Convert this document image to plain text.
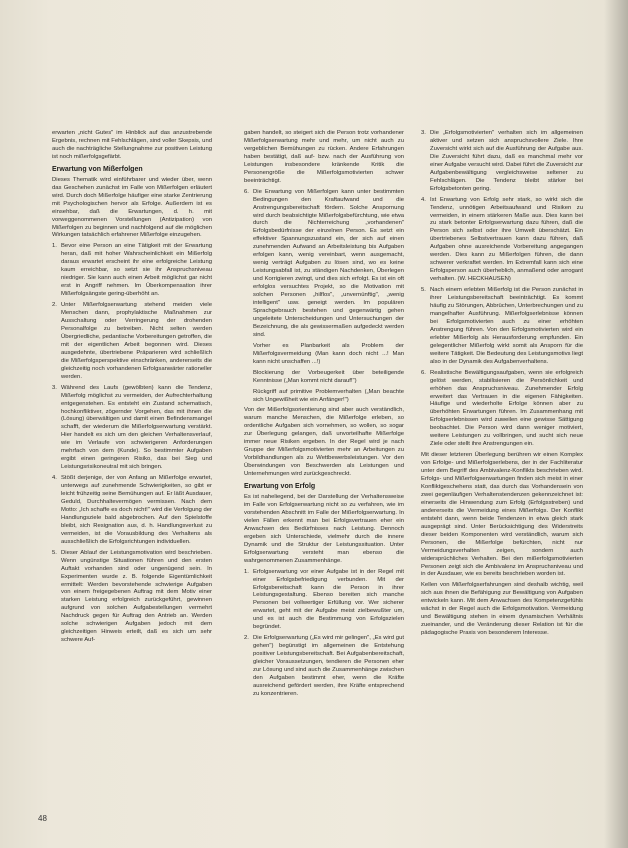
erwarten „nicht Gutes" im Hinblick auf das anzustrebende Ergebnis, rechnen mit Fehlschlägen, sind voller Skepsis, und auch die nachträgliche Stellungnahme zur positiven Leistung ist noch mißerfolgsgefärbt.

Erwartung von Mißerfolgen

Dieses Thematik wird einführbarer und wieder über, wenn das Geschehen zunächst im Falle von Mißerfolgen erläutert wird. Durch doch Mißerfolge häufiger eine starke Zentrierung mit Psychologischen hervor als Erfolge. Außerdem ist es einsehbar, daß die Erwartungen, d. h. mit vorweggenommenen Vorstellungen (Antizipation) von Mißerfolgen zu beginnen und nachfolgend auf die möglichen Wirkungen tatsächlich erfahrener Mißerfolge einzugehen.

1. Bevor eine Person an eine Tätigkeit mit der Erwartung heran, daß mit hoher Wahrscheinlichkeit ein Mißerfolg daraus erwartet erscheint ihr eine erfolgreiche Leistung kaum erreichbar, so setzt sie ihr Anspruchsniveau niedriger. Sie kann auch einen Arbeit möglichst gar nicht erst in Angriff nehmen. Im Überkompensation ihrer Mißerfolgsängste gering-überhöht an.
2. Unter Mißerfolgserwartung stehend meiden viele Menschen dann, prophylaktische Maßnahmen zur Ausschaltung oder Verringerung der drohenden Personalfolge zu betreiben. Nicht selten werden Übergriedliche, pedantische Vorbereitungen getroffen, die mit der eigentlichen Arbeit begonnen wird. Dieses ausgedehnte, übertriebene Präparieren wird schließlich die Mißerfolgsperspektive einschränken, andererseits die gleichzeitig noch vorhandenen Erfolgsanwärter rationeller werden.
3. Während des Laufs (gewölbten) kann die Tendenz, Mißerfolg möglichst zu vermeiden, der Aufrechterhaltung entgegenstehen. Es entsteht ein Zustand schematisch, hochkonfliktiver, zögernder Vorgehen, das mit ihnen die (Lösung) überwältigen und damit einen Befindensmangel schafft, der wiederum die Mißerfolgserwartung verstärkt. Hier handelt es sich um den gleichen Verhaltensverlauf, wie im Verlaufe von schwierigeren Anforderungen mehrfach von dem (Kunde). So bestimmter Aufgaben ergibt einen geringeren Risiko, das bei Sieg und Leistungsrisikoneutral mit sich bringen.
4. Stößt derjenige, der von Anfang an Mißerfolge erwartet, unterwegs auf zunehmende Schwierigkeiten, so gibt er leicht frühzeitig seine Bemühungen auf. Er läßt Ausdauer, Geduld, Durchhaltevermögen vermissen. Nach dem Motto: „Ich schaffe es doch nicht!" wird die Verfolgung der Handlungsziele bald abgebrochen. Auf den Spielstoffe bleibt, sich Resignation aus, d. h. Handlungsverlust zu vermeiden, ist die Vorausbildung des Verhaltens als ausschließlich die Erfolgsrichtungen individuellen.
5. Dieser Ablauf der Leistungsmotivation wird beschrieben. Wenn ungünstige Situationen führen und den ersten Auftakt vorhanden sind oder ungenügend sein. In Experimenten wurde z. B. folgende Eigentümlichkeit ermittelt: Werden bevorstehende schwierige Aufgaben von einem freigegebenen Auftrag mit dem Motiv einer starken Leistung erfolgreich zurückgeführt, gewinnen aufgrund von solchen Aufgabestellungen vermehrt Nachdruck gegen für Auftrag den Antrieb an. Werden solche schwierigen Aufgaben jedoch mit dem gleichzeitigen Hinweis erteilt, daß es sich um sehr schwere Auf-

gaben handelt, so steigert sich die Person trotz vorhandener Mißerfolgserwartung mehr und mehr, um nicht auch zu vergeblichen Bemühungen zu rücken. Andere Erfahrungen haben bestätigt, daß auf- bzw. nach der Ausführung von Leistungen insbesondere kränkende Kritik die Personengröße die Mißerfolgsmotivierten schwer beeinträchtigt.

6. Die Erwartung von Mißerfolgen kann unter bestimmten Bedingungen den Kraftaufwand und die Anstrengungsbereitschaft fördern. Solche Anspornung wird durch beabsichtigte Mißerfolgsbefürchtung, wie etwa durch die Nichterreichung „vorhandenen" Erfolgsbedürfnisse der einzelnen Person. Es setzt ein effektiver Spannungszustand ein, der sich auf einen zunehmenden Aufwand an Arbeitsleistung bis Aufgaben erfolgen kann, wenig vereinbart, wenn ausgemacht, wenig verträgt Aufgaben zu lösen sind, wo es keine Leistungsabfall ist, zu ständigen Nachdenken, Überlegen und Korrigieren zwingt, und dies sich erfolgt. Es ist ein oft erfolglos versuchtes Projekt, so die Motivation mit solchen Personen „hilflos", „unvernünftig", „wenig intelligent" usw. geneigt werden. Im populären Sprachgebrauch bestehen und gegenwärtig gehen ungeleitete Unterscheidungen und Untersuchungen der Bezeichnung, die als gewissermaßen aufgedeckt werden sind.

Vorher es Planbarkeit als Problem der Mißerfolgsvermeidung (Man kann doch nicht ...! Man kann nicht unschaffen ...!)

Blockierung der Vorbeugerkeit über beteiligende Kenntnisse („Man kommt nicht darauf!")

Rückgriff auf primitive Problemverhalten („Man beachte sich Ungewißheit wie ein Anfänger!")

Von der Mißerfolgsorientierung sind aber auch verständlich, warum manche Menschen, die Mißerfolge erleben, so ordentliche Aufgaben sich vornehmen, so wollen, so sogar zur Überlegung gelangen, daß unvorteilhafte Mißerfolge immer neue Risiken ergeben. In der Regel wird je nach Gruppe der Mißerfolgsmotivierten mehr an Arbeitungen zu Vorbildhandlungen als zu Wettbewerbsleistungen. Vor den Überwindungen von Beschwerden als Leistungen und Unternehmungen wird zurückgeschreckt.

Erwartung von Erfolg

Es ist naheliegend, bei der Darstellung der Verhaltensweise im Falle von Erfolgserwartung nicht so zu verfahren, wie im vorstehenden Abschnitt im Falle der Mißerfolgserwartung. In vielen Fällen erkennt man bei Erfolgsvertrauen eher ein Anwachsen des Bedürfnisses nach Leistung. Dennoch ergeben sich Unterschiede, vielmehr durch die innere Dynamik und die Struktur der Leistungssituation. Unter Erfolgserwartung versteht man ebenso die wahrgenommenen Zusammenhänge.

1. Erfolgserwartung vor einer Aufgabe ist in der Regel mit einer Erfolgsbefriedigung verbunden. Mit der Erfolgsbereitschaft kann die Person in ihrer Leistungsgestaltung. Ebenso bereiten sich manche Personen bei vollwertiger Erfüllung vor. Wer sicherer erwartet, geht mit der Aufgabe meist zielbewußter um, und es ist auch die Bestimmung von Erfolgszielen begründet.
2. Die Erfolgserwartung („Es wird mir gelingen", „Es wird gut gehen") begünstigt im allgemeinen die Entstehung positiver Leistungsbereitschaft. Bei Aufgabenbereitschaft, gleicher Voraussetzungen, tendieren die Personen eher zur Lösung und sind auch die Zusammenhänge zwischen den Aufgaben bestimmt eher, wenn die Kräfte ausreichend gefördert werden, ihre Kräfte entsprechend zu konzentrieren.
3. Die „Erfolgsmotivierten" verhalten sich im allgemeinen aktiver und setzen sich anspruchsvollere Ziele. Ihre Zuversicht wirkt sich auf die Ausführung der Aufgabe aus. Die Zuversicht führt dazu, daß es manchmal mehr vor einer Aufgabe versucht wird. Dabei führt die Zuversicht zur Aufgabenbewältigung vergleichsweise seltener zu Fehlschlägen. Die Tendenz bleibt stärker bei Erfolgsbetonten gering.
4. Ist Erwartung von Erfolg sehr stark, so wirkt sich die Tendenz, unnötigen Arbeitsaufwand und Risiken zu vermeiden, in einem stärkeren Maße aus. Dies kann bei zu stark betonter Erfolgserwartung dazu führen, daß die Person sich selbst oder ihre Umwelt überschätzt. Ein übertriebenes Selbstvertrauen kann dazu führen, daß Aufgaben ohne ausreichende Vorbereitung angegangen werden. Dies kann zu Mißerfolgen führen, die dann schwerer verkraftet werden. Im Extremfall kann sich eine Erfolgsperson auch überheblich, anmaßend oder arrogant verhalten. (W. HECKHAUSEN)
5. Nach einem erlebten Mißerfolg ist die Person zunächst in ihrer Leistungsbereitschaft beeinträchtigt. Es kommt häufig zu Störungen, Abbrüchen, Unterbrechungen und zu mangelhafter Ausführung. Mißerfolgserlebnisse können bei Erfolgsmotivierten auch zu einer erhöhten Anstrengung führen. Von den Erfolgsmotivierten wird ein erlebter Mißerfolg als Herausforderung empfunden. Ein gelegentlicher Mißerfolg wirkt somit als Ansporn für die weitere Tätigkeit. Die Bedeutung des Leistungsmotivs liegt also in der Dynamik des Aufgabenverhaltens.
6. Realistische Bewältigungsaufgaben, wenn sie erfolgreich gelöst werden, stabilisieren die Persönlichkeit und erhöhen das Anspruchsniveau. Zunehmender Erfolg erweitert das Vertrauen in die eigenen Fähigkeiten. Häufige und wiederholte Erfolge können aber zu überhöhten Erwartungen führen. Im Zusammenhang mit Erfolgserlebnissen wird zuweilen eine gewisse Sättigung beobachtet. Die Person wird dann weniger motiviert, weitere Leistungen zu vollbringen, und sucht sich neue Ziele oder stellt ihre Anstrengungen ein.

Mit dieser letzteren Überlegung berühren wir einen Komplex von Erfolge- und Mißerfolgserlebens, der in der Fachliteratur unter dem Begriff des Ambivalenz-Konflikts beschrieben wird. Erfolgs- und Mißerfolgserwartungen finden sich meist in einer Konfliktgeschehens statt, das durch das Vorhandensein von zwei gegenläufigen Verhaltenstendenzen gekennzeichnet ist: einerseits die Hinwendung zum Erfolg (Erfolgsstreben) und andererseits die Vermeidung eines Mißerfolgs. Der Konflikt entsteht dann, wenn beide Tendenzen in etwa gleich stark ausgeprägt sind. Unter Berücksichtigung des Widerstreits dieser beiden Komponenten wird verständlich, warum sich Personen, die Mißerfolge befürchten, nicht nur Vermeidungsverhalten zeigen, sondern auch widersprüchliches Verhalten. Bei den mißerfolgsmotivierten Personen zeigt sich die Ambivalenz im Anspruchsniveau und in der Ausdauer, wie es bereits beschrieben worden ist.

Kellen von Mißerfolgserfahrungen sind deshalb wichtig, weil sich aus ihnen die Befähigung zur Bewältigung von Aufgaben entwickeln kann. Mit dem Anwachsen des Kompetenzgefühls wächst in der Regel auch die Erfolgsmotivation. Vermeidung und Bewältigung stehen in einem dynamischen Verhältnis zueinander, und die Veränderung dieser Relation ist für die pädagogische Praxis von besonderem Interesse.

48
